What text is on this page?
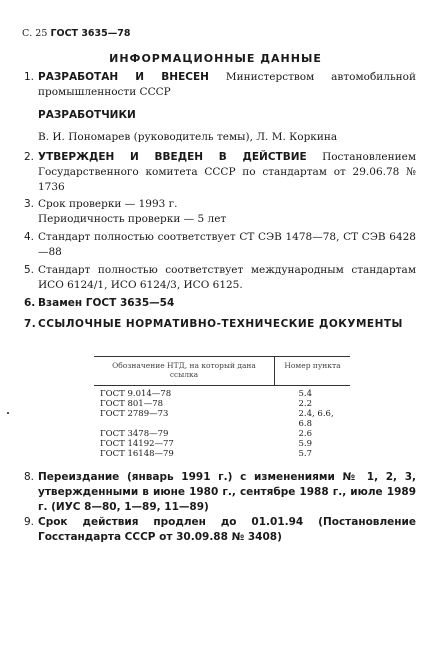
С. 25 ГОСТ 3635—78
ИНФОРМАЦИОННЫЕ ДАННЫЕ
1. РАЗРАБОТАН И ВНЕСЕН Министерством автомобильной промышленности СССР
РАЗРАБОТЧИКИ
В. И. Пономарев (руководитель темы), Л. М. Коркина
2. УТВЕРЖДЕН И ВВЕДЕН В ДЕЙСТВИЕ Постановлением Государственного комитета СССР по стандартам от 29.06.78 № 1736
3. Срок проверки — 1993 г.
Периодичность проверки — 5 лет
4. Стандарт полностью соответствует СТ СЭВ 1478—78, СТ СЭВ 6428—88
5. Стандарт полностью соответствует международным стандартам ИСО 6124/1, ИСО 6124/3, ИСО 6125.
6. Взамен ГОСТ 3635—54
7. ССЫЛОЧНЫЕ НОРМАТИВНО-ТЕХНИЧЕСКИЕ ДОКУМЕНТЫ
Обозначение НТД, на который дана ссылка	Номер пункта
ГОСТ 9.014—78	5.4
ГОСТ 801—78	2.2
ГОСТ 2789—73	2.4, 6.6,
	6.8
ГОСТ 3478—79	2.6
ГОСТ 14192—77	5.9
ГОСТ 16148—79	5.7
8. Переиздание (январь 1991 г.) с изменениями № 1, 2, 3, утвержденными в июне 1980 г., сентябре 1988 г., июле 1989 г. (ИУС 8—80, 1—89, 11—89)
9. Срок действия продлен до 01.01.94 (Постановление Госстандарта СССР от 30.09.88 № 3408)
